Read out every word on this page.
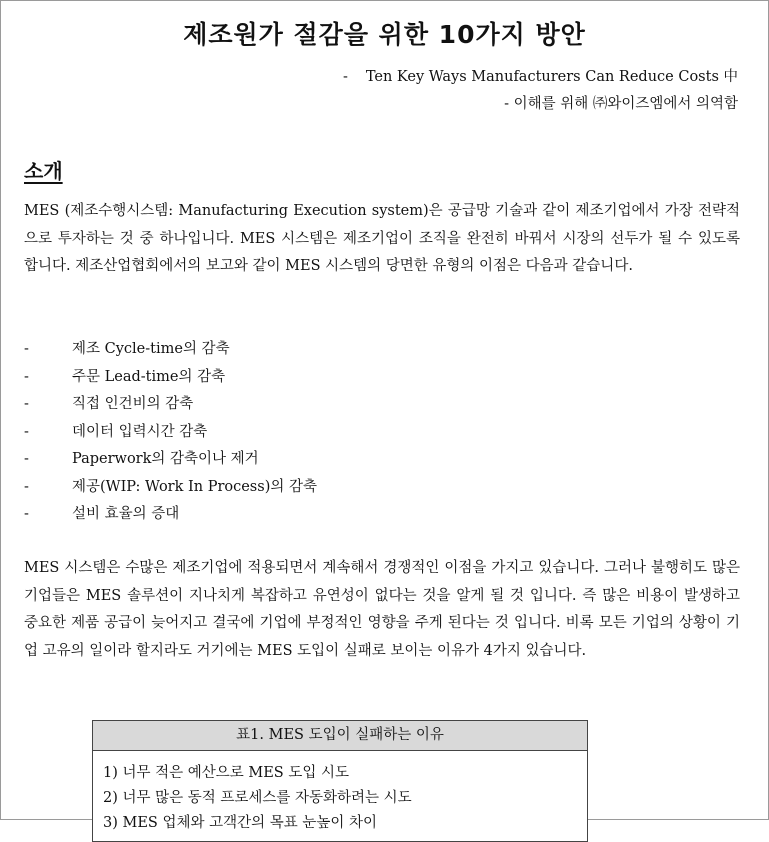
제조원가 절감을 위한 10가지 방안
- Ten Key Ways Manufacturers Can Reduce Costs 中
- 이해를 위해 ㈜와이즈엠에서 의역함
소개

MES (제조수행시스템: Manufacturing Execution system)은 공급망 기술과 같이 제조기업에서 가장 전략적으로 투자하는 것 중 하나입니다. MES 시스템은 제조기업이 조직을 완전히 바꿔서 시장의 선두가 될 수 있도록 합니다. 제조산업협회에서의 보고와 같이 MES 시스템의 당면한 유형의 이점은 다음과 같습니다.

-	제조 Cycle-time의 감축
-	주문 Lead-time의 감축
-	직접 인건비의 감축
-	데이터 입력시간 감축
-	Paperwork의 감축이나 제거
-	제공(WIP: Work In Process)의 감축
-	설비 효율의 증대

MES 시스템은 수많은 제조기업에 적용되면서 계속해서 경쟁적인 이점을 가지고 있습니다. 그러나 불행히도 많은 기업들은 MES 솔루션이 지나치게 복잡하고 유연성이 없다는 것을 알게 될 것 입니다. 즉 많은 비용이 발생하고 중요한 제품 공급이 늦어지고 결국에 기업에 부정적인 영향을 주게 된다는 것 입니다. 비록 모든 기업의 상황이 기업 고유의 일이라 할지라도 거기에는 MES 도입이 실패로 보이는 이유가 4가지 있습니다.

표1. MES 도입이 실패하는 이유
1) 너무 적은 예산으로 MES 도입 시도
2) 너무 많은 동적 프로세스를 자동화하려는 시도
3) MES 업체와 고객간의 목표 눈높이 차이
